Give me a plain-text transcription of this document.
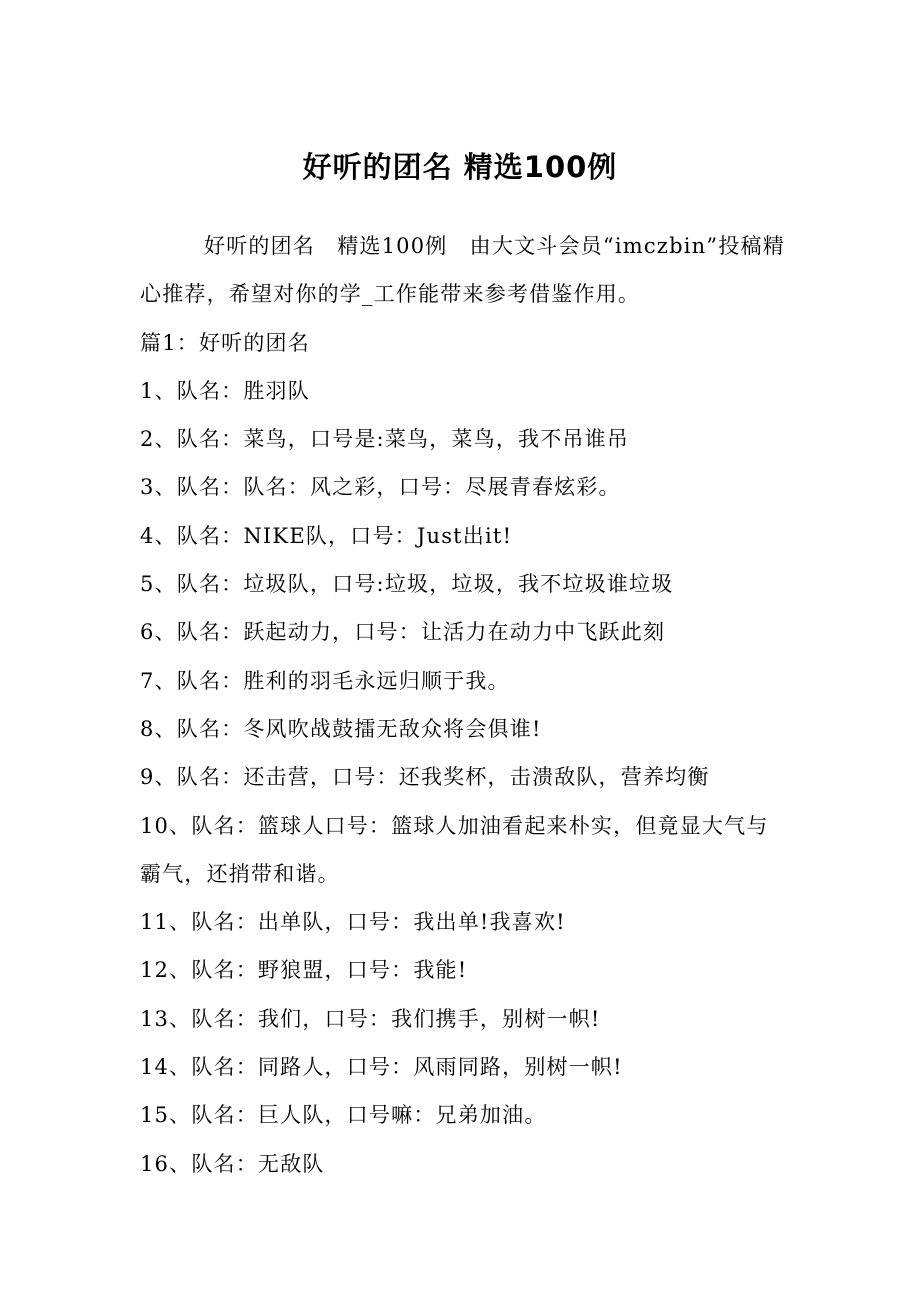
好听的团名 精选100例

好听的团名　精选100例　由大文斗会员“imczbin”投稿精心推荐，希望对你的学_工作能带来参考借鉴作用。

篇1：好听的团名

1、队名：胜羽队

2、队名：菜鸟，口号是:菜鸟，菜鸟，我不吊谁吊

3、队名：队名：风之彩，口号：尽展青春炫彩。

4、队名：NIKE队，口号：Just出it!

5、队名：垃圾队，口号:垃圾，垃圾，我不垃圾谁垃圾

6、队名：跃起动力，口号：让活力在动力中飞跃此刻

7、队名：胜利的羽毛永远归顺于我。

8、队名：冬风吹战鼓擂无敌众将会俱谁!

9、队名：还击营，口号：还我奖杯，击溃敌队，营养均衡

10、队名：篮球人口号：篮球人加油看起来朴实，但竟显大气与霸气，还捎带和谐。

11、队名：出单队，口号：我出单!我喜欢!

12、队名：野狼盟，口号：我能!

13、队名：我们，口号：我们携手，别树一帜!

14、队名：同路人，口号：风雨同路，别树一帜!

15、队名：巨人队，口号嘛：兄弟加油。

16、队名：无敌队
